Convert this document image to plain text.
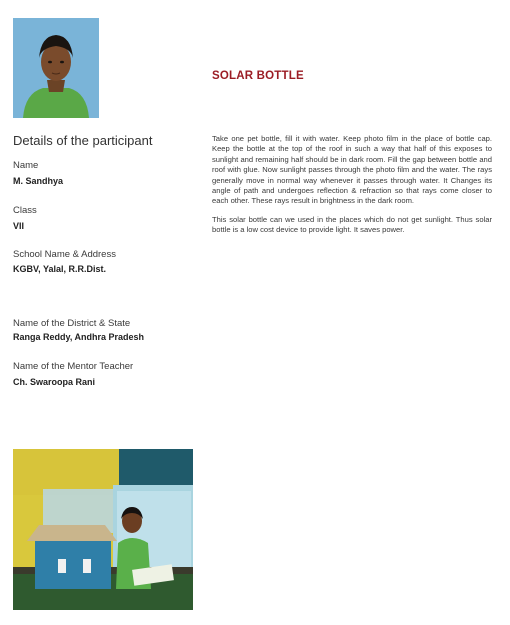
Details of the participant
Name
M. Sandhya
Class
VII
School Name & Address
KGBV, Yalal, R.R.Dist.
Name of the District & State
Ranga Reddy, Andhra Pradesh
Name of the Mentor Teacher
Ch. Swaroopa Rani
SOLAR BOTTLE

Take one pet bottle, fill it with water. Keep photo film in the place of bottle cap. Keep the bottle at the top of the roof in such a way that half of this exposes to sunlight and remaining half should be in dark room. Fill the gap between bottle and roof with glue. Now sunlight passes through the photo film and the water. The rays generally move in normal way whenever it passes through water. It Changes its angle of path and undergoes reflection & refraction so that rays come closer to each other. These rays result in brightness in the dark room.

This solar bottle can we used in the places which do not get sunlight. Thus solar bottle is a low cost device to provide light. It saves power.
